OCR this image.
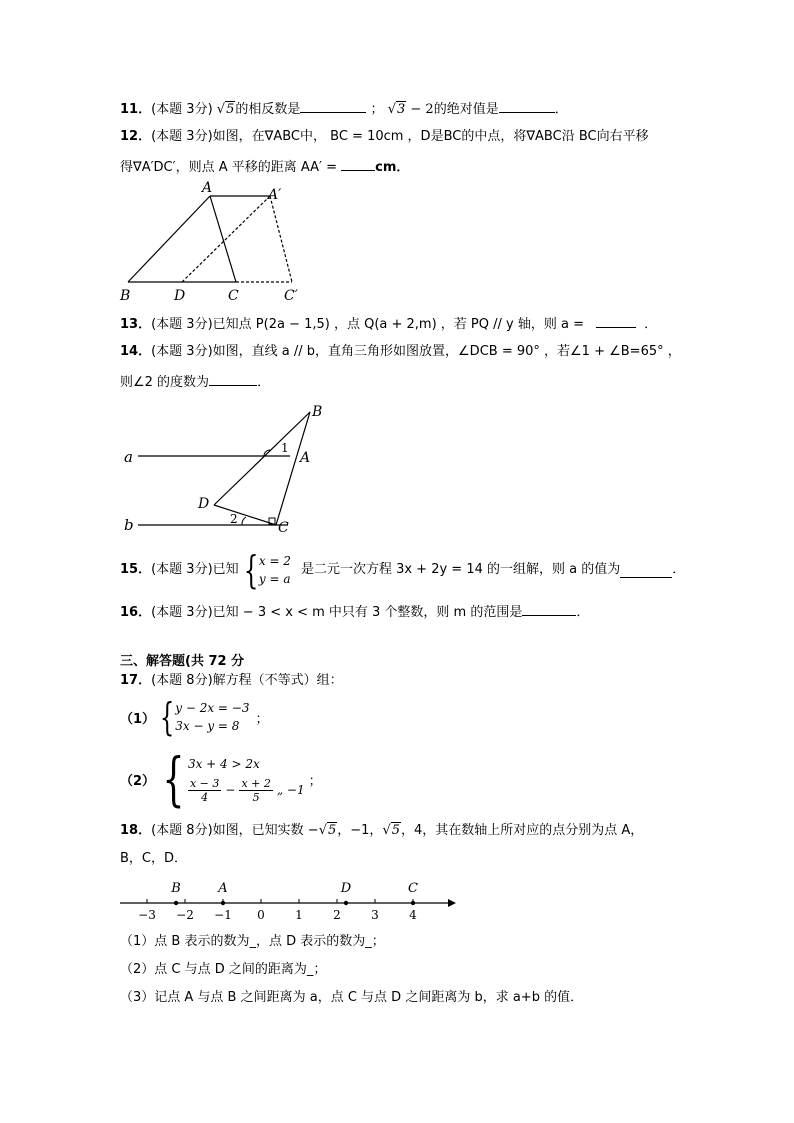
11．(本题 3分) √5的相反数是	； √3 − 2的绝对值是	．
12．(本题 3分)如图，在∇ABC中， BC = 10cm ，D是BC的中点，将∇ABC沿 BC向右平移
得∇A′DC′，则点 A 平移的距离 AA′ =	cm．
A	A′
B	D	C	C′
13．(本题 3分)已知点 P(2a − 1,5) ，点 Q(a + 2,m) ，若 PQ // y 轴，则 a =	．
14．(本题 3分)如图，直线 a // b，直角三角形如图放置，∠DCB = 90° ，若∠1 + ∠B=65° ，
则∠2 的度数为	．
a
b
B
A
C
D
1
2
15． (本题 3分) 已知 { x = 2
y = a
是二元一次方程 3x + 2y = 14 的一组解，则 a 的值为	．
16．(本题 3分)已知 − 3 < x < m 中只有 3 个整数，则 m 的范围是	．
三、解答题(共 72 分
17．(本题 8分)解方程（不等式）组：
（1） { y − 2x = −3
3x − y = 8	；
（2） { 3x + 4 > 2x
$\frac{x - 3}{4} - \frac{x + 2}{5}$ „ −1
；
18．(本题 8分)如图，已知实数 −√5，−1，√5，4，其在数轴上所对应的点分别为点 A，
B，C，D．
−3 −2 −1 0	1	2	3	4
B	A	D	C
（1）点 B 表示的数为_，点 D 表示的数为_；
（2）点 C 与点 D 之间的距离为_；
（3）记点 A 与点 B 之间距离为 a，点 C 与点 D 之间距离为 b，求 a+b 的值．
